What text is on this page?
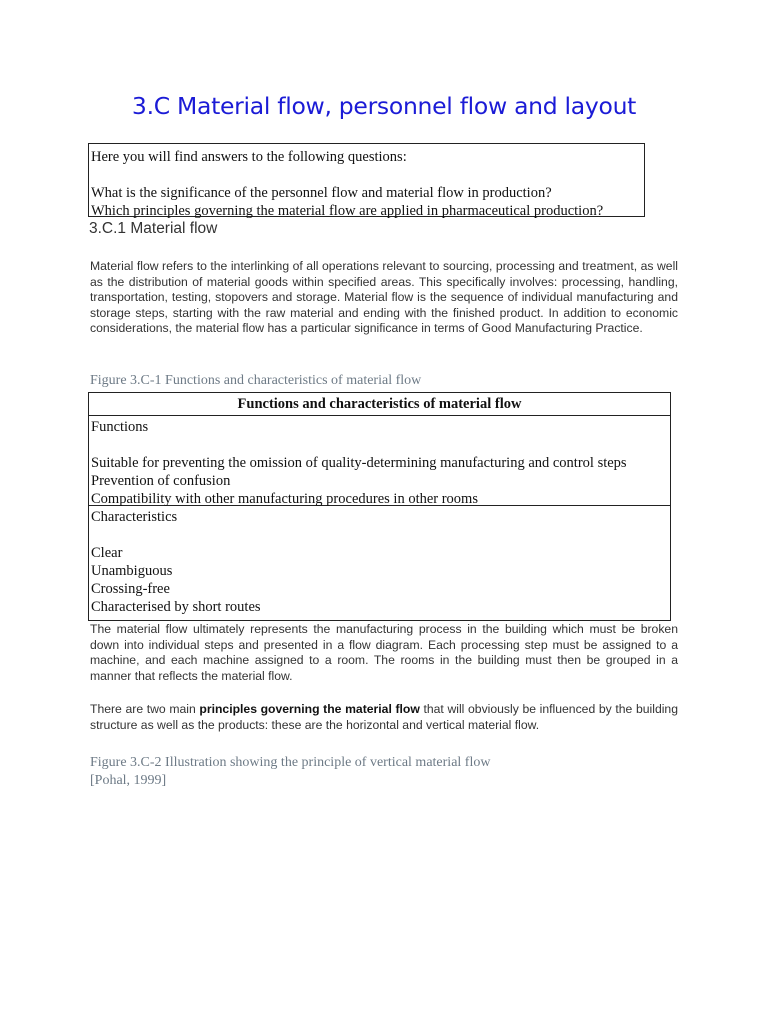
3.C Material flow, personnel flow and layout
Here you will find answers to the following questions:
What is the significance of the personnel flow and material flow in production?
Which principles governing the material flow are applied in pharmaceutical production?
3.C.1 Material flow
Material flow refers to the interlinking of all operations relevant to sourcing, processing and treatment, as well as the distribution of material goods within specified areas. This specifically involves: processing, handling, transportation, testing, stopovers and storage. Material flow is the sequence of individual manufacturing and storage steps, starting with the raw material and ending with the finished product. In addition to economic considerations, the material flow has a particular significance in terms of Good Manufacturing Practice.
Figure 3.C-1 Functions and characteristics of material flow
Functions and characteristics of material flow
Functions
Suitable for preventing the omission of quality-determining manufacturing and control steps
Prevention of confusion
Compatibility with other manufacturing procedures in other rooms
Characteristics
Clear
Unambiguous
Crossing-free
Characterised by short routes
The material flow ultimately represents the manufacturing process in the building which must be broken down into individual steps and presented in a flow diagram. Each processing step must be assigned to a machine, and each machine assigned to a room. The rooms in the building must then be grouped in a manner that reflects the material flow.
There are two main principles governing the material flow that will obviously be influenced by the building structure as well as the products: these are the horizontal and vertical material flow.
Figure 3.C-2 Illustration showing the principle of vertical material flow
[Pohal, 1999]
